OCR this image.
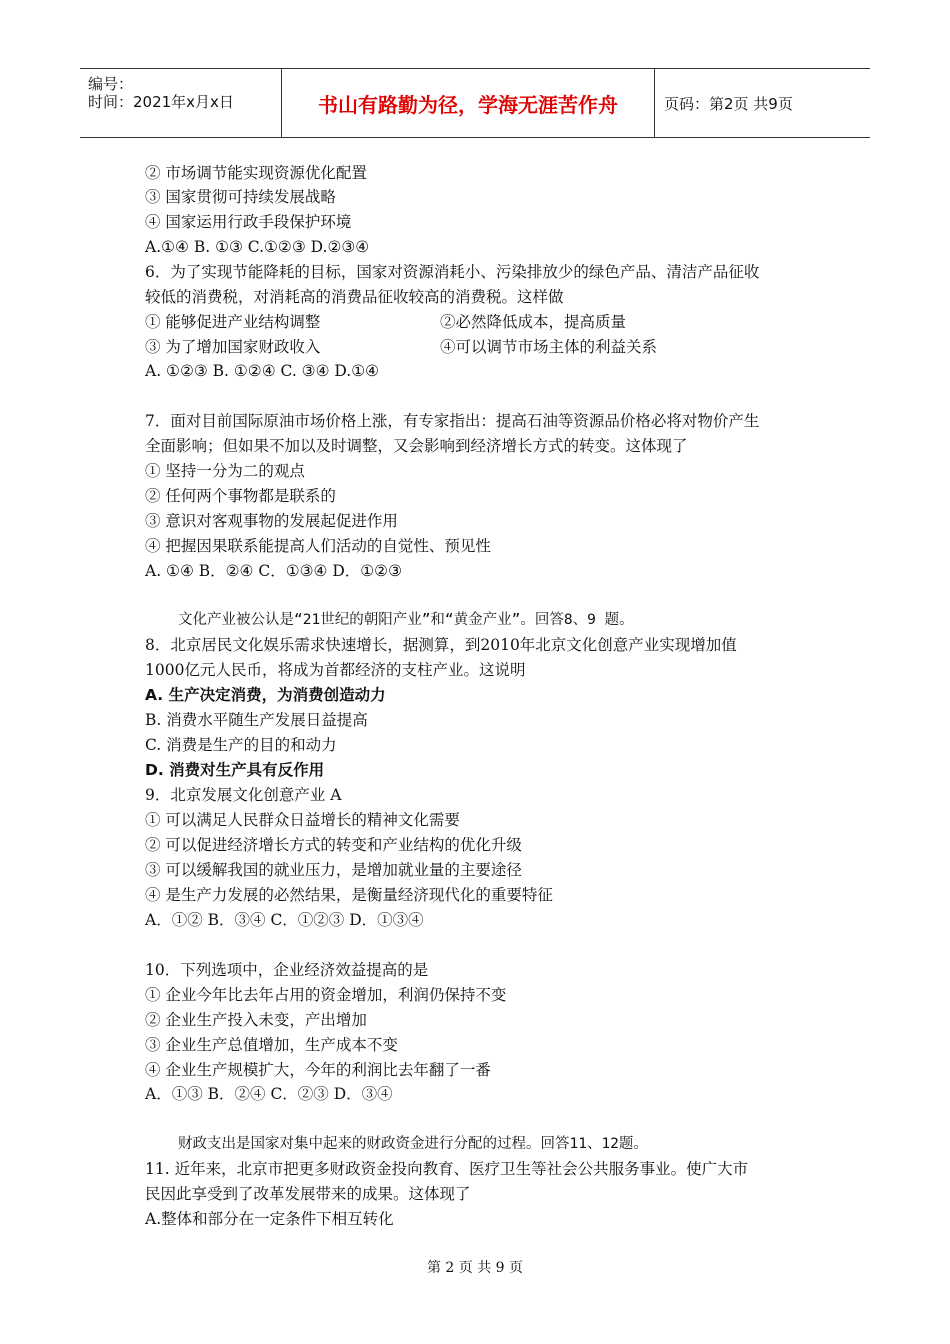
编号：
时间：2021年x月x日	书山有路勤为径，学海无涯苦作舟	页码：第2页 共9页
② 市场调节能实现资源优化配置
③ 国家贯彻可持续发展战略
④ 国家运用行政手段保护环境
A.①④ B. ①③ C.①②③ D.②③④
6．为了实现节能降耗的目标，国家对资源消耗小、污染排放少的绿色产品、清洁产品征收
较低的消费税，对消耗高的消费品征收较高的消费税。这样做
① 能够促进产业结构调整	②必然降低成本，提高质量
③ 为了增加国家财政收入	④可以调节市场主体的利益关系
A. ①②③ B. ①②④ C. ③④ D.①④
7．面对目前国际原油市场价格上涨，有专家指出：提高石油等资源品价格必将对物价产生
全面影响；但如果不加以及时调整，又会影响到经济增长方式的转变。这体现了
① 坚持一分为二的观点
② 任何两个事物都是联系的
③ 意识对客观事物的发展起促进作用
④ 把握因果联系能提高人们活动的自觉性、预见性
A. ①④ B．②④ C．①③④ D．①②③
文化产业被公认是“21世纪的朝阳产业”和“黄金产业”。回答8、9 题。
8．北京居民文化娱乐需求快速增长，据测算，到2010年北京文化创意产业实现增加值
1000亿元人民币，将成为首都经济的支柱产业。这说明
A. 生产决定消费，为消费创造动力
B. 消费水平随生产发展日益提高
C. 消费是生产的目的和动力
D. 消费对生产具有反作用
9．北京发展文化创意产业 A
① 可以满足人民群众日益增长的精神文化需要
② 可以促进经济增长方式的转变和产业结构的优化升级
③ 可以缓解我国的就业压力，是增加就业量的主要途径
④ 是生产力发展的必然结果，是衡量经济现代化的重要特征
A．①② B．③④ C．①②③ D．①③④
10．下列选项中，企业经济效益提高的是
① 企业今年比去年占用的资金增加，利润仍保持不变
② 企业生产投入未变，产出增加
③ 企业生产总值增加，生产成本不变
④ 企业生产规模扩大，今年的利润比去年翻了一番
A．①③ B．②④ C．②③ D．③④
财政支出是国家对集中起来的财政资金进行分配的过程。回答11、12题。
11. 近年来，北京市把更多财政资金投向教育、医疗卫生等社会公共服务事业。使广大市
民因此享受到了改革发展带来的成果。这体现了
A.整体和部分在一定条件下相互转化
第 2 页 共 9 页
